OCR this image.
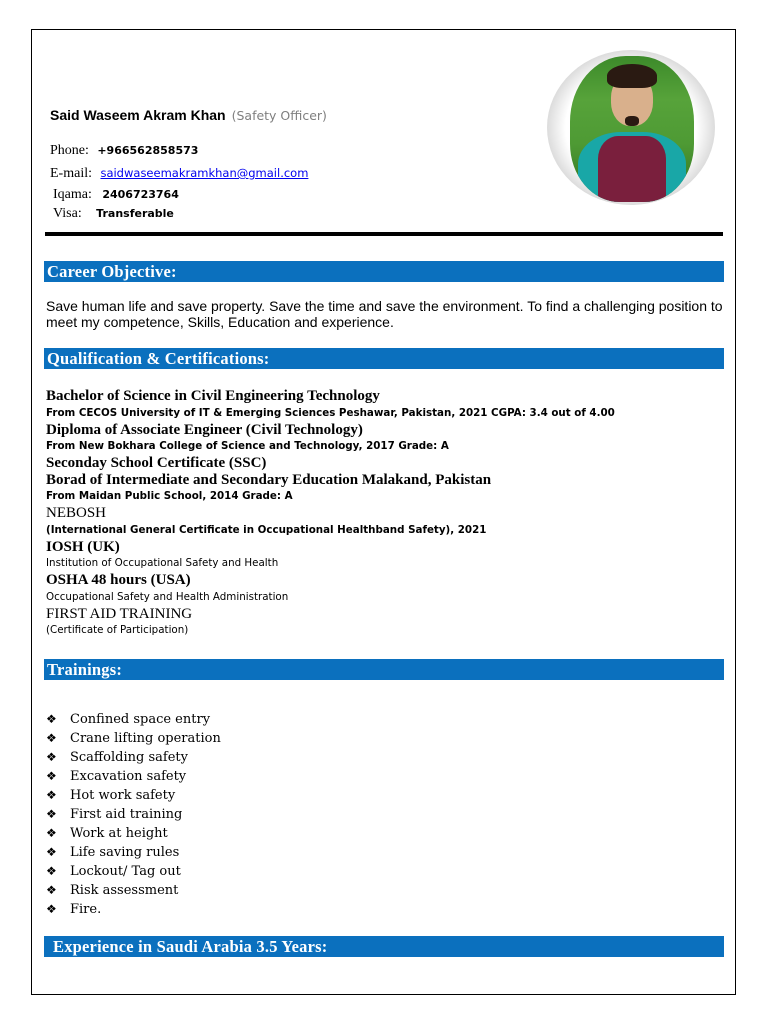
Said Waseem Akram Khan (Safety Officer)
Phone: +966562858573
E-mail: saidwaseemakramkhan@gmail.com
Iqama: 2406723764
Visa: Transferable
Career Objective:
Save human life and save property. Save the time and save the environment. To find a challenging position to meet my competence, Skills, Education and experience.
Qualification & Certifications:
Bachelor of Science in Civil Engineering Technology
From CECOS University of IT & Emerging Sciences Peshawar, Pakistan, 2021 CGPA: 3.4 out of 4.00
Diploma of Associate Engineer (Civil Technology)
From New Bokhara College of Science and Technology, 2017 Grade: A
Seconday School Certificate (SSC)
Borad of Intermediate and Secondary Education Malakand, Pakistan
From Maidan Public School, 2014 Grade: A
NEBOSH
(International General Certificate in Occupational Healthband Safety), 2021
IOSH (UK)
Institution of Occupational Safety and Health
OSHA 48 hours (USA)
Occupational Safety and Health Administration
FIRST AID TRAINING
(Certificate of Participation)
Trainings:
❖ Confined space entry
❖ Crane lifting operation
❖ Scaffolding safety
❖ Excavation safety
❖ Hot work safety
❖ First aid training
❖ Work at height
❖ Life saving rules
❖ Lockout/ Tag out
❖ Risk assessment
❖ Fire.
Experience in Saudi Arabia 3.5 Years:
